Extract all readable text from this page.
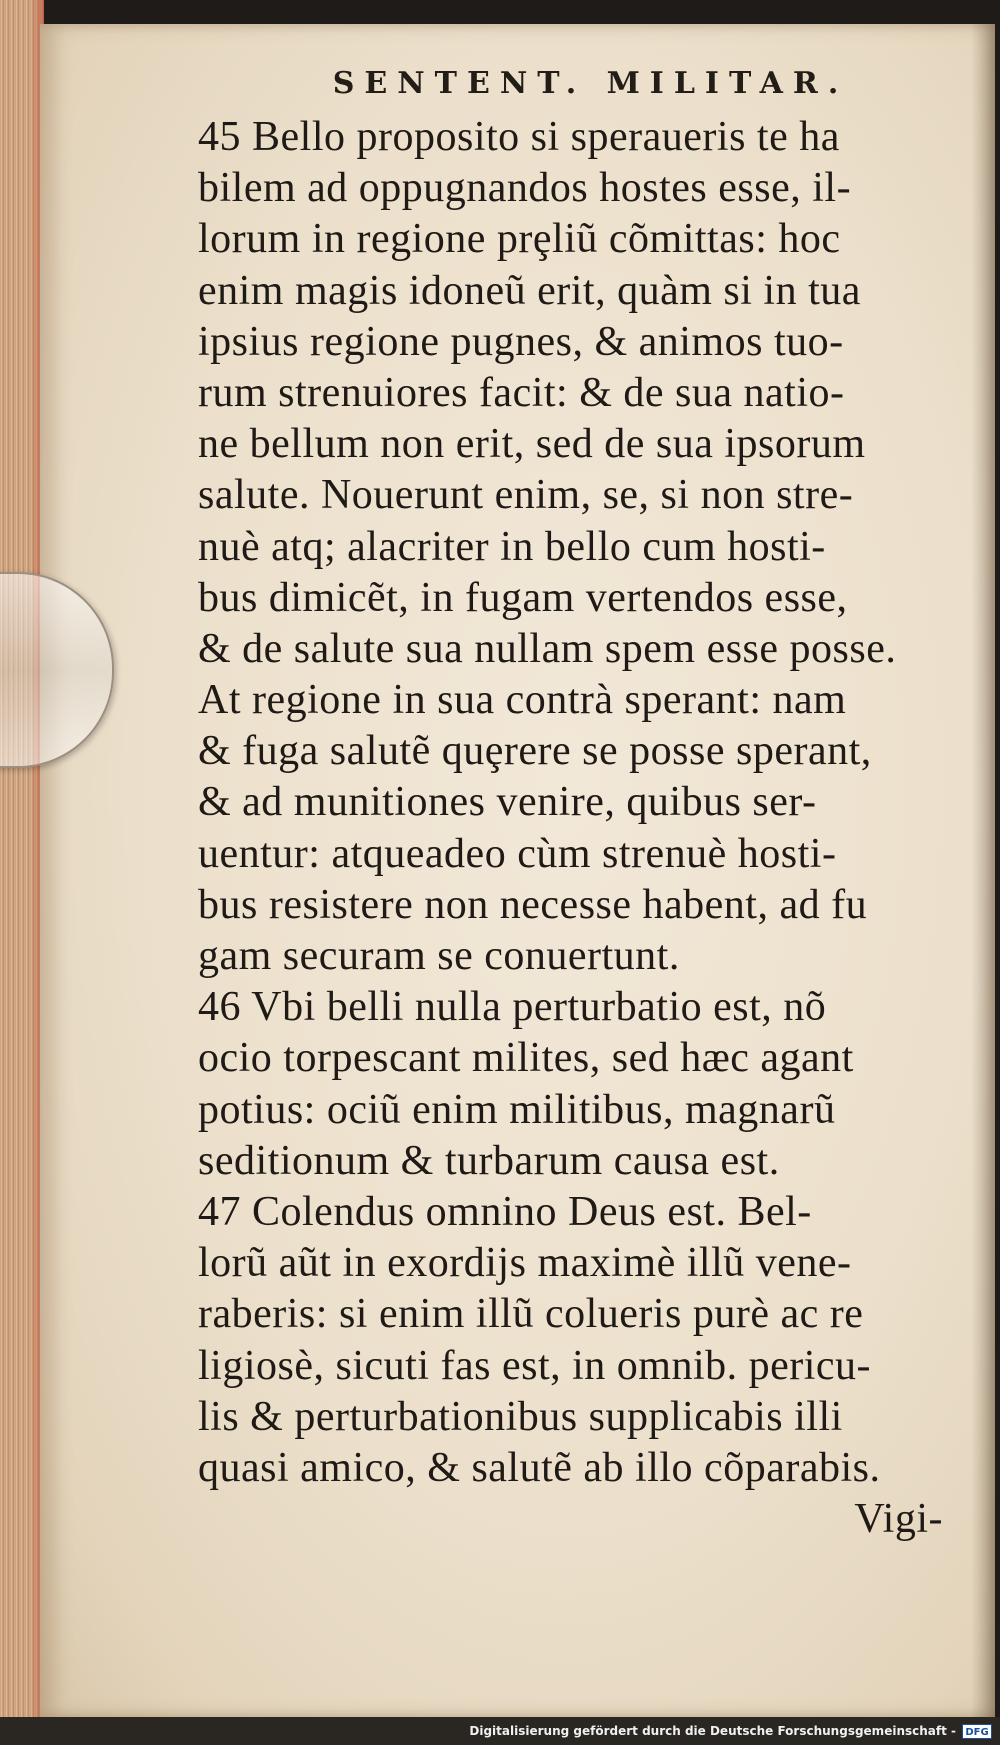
SENTENT. MILITAR.
45 Bello proposito si speraueris te ha
bilem ad oppugnandos hostes esse, il-
lorum in regione prȩliũ cõmittas: hoc
enim magis idoneũ erit, quàm si in tua
ipsius regione pugnes, & animos tuo-
rum strenuiores facit: & de sua natio-
ne bellum non erit, sed de sua ipsorum
salute. Nouerunt enim, se, si non stre-
nuè atq; alacriter in bello cum hosti-
bus dimicẽt, in fugam vertendos esse,
& de salute sua nullam spem esse posse.
At regione in sua contrà sperant: nam
& fuga salutẽ quȩrere se posse sperant,
& ad munitiones venire, quibus ser-
uentur: atqueadeo cùm strenuè hosti-
bus resistere non necesse habent, ad fu
gam securam se conuertunt.
46 Vbi belli nulla perturbatio est, nõ
ocio torpescant milites, sed hæc agant
potius: ociũ enim militibus, magnarũ
seditionum & turbarum causa est.
47 Colendus omnino Deus est. Bel-
lorũ aũt in exordijs maximè illũ vene-
raberis: si enim illũ colueris purè ac re
ligiosè, sicuti fas est, in omnib. pericu-
lis & perturbationibus supplicabis illi
quasi amico, & salutẽ ab illo cõparabis.
Vigi-
Digitalisierung gefördert durch die Deutsche Forschungsgemeinschaft - DFG
